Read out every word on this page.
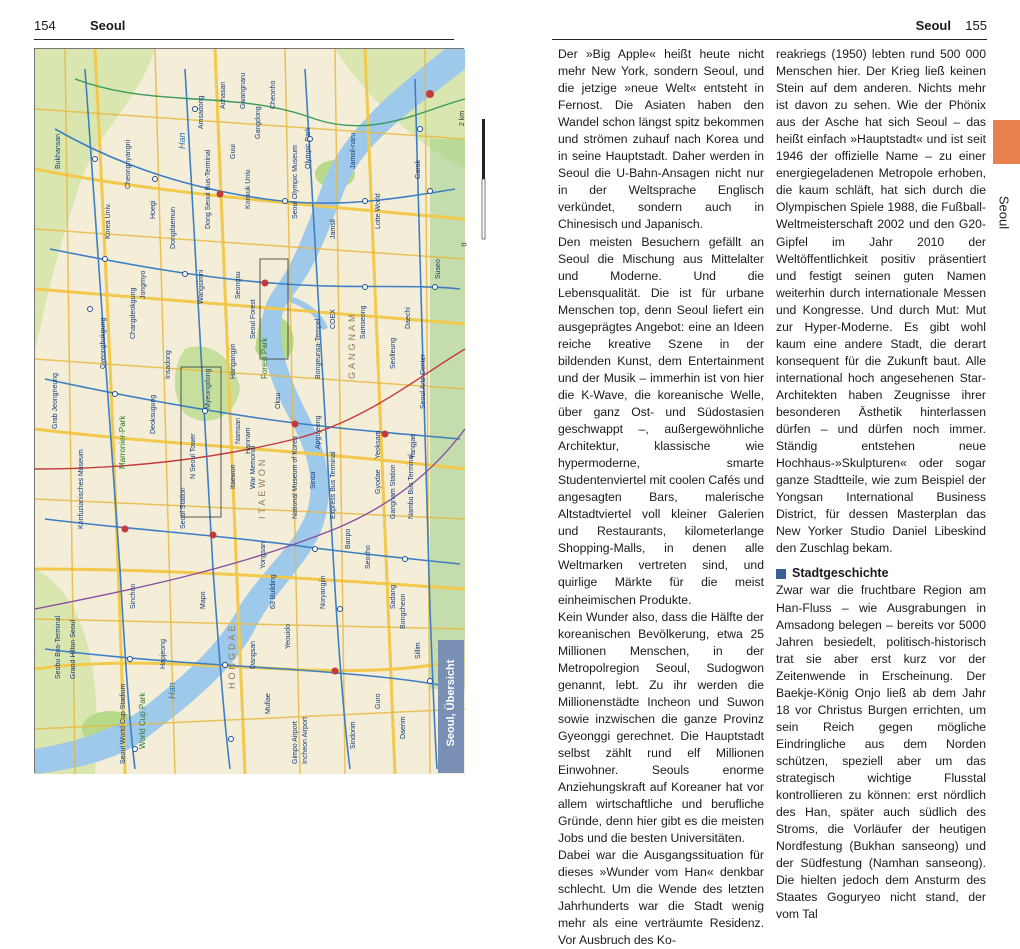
154	Seoul
Han
Han
ITAEWON
GANGNAM
HONGDAE
Forest Park
World Cup Park
Marronier-Park
Amsadong	Gangdong
Olympic Park
Dong Seoul Bus-Terminal	Seoul Olympic Museum
Jamsil
Lotte World
COEX
Bongeunsa-Tempel
Seoul Arts Center
Namsan
N Seoul Tower
Deoksugung
Gyeongbokgung
Changdeokgung
Jongmyo
Dongdaemun
Insadong
Myeongdong
Seoul Station
Yeouido
63 Building	Noryangjin
Gimpo Airport Incheon Airport
Seoul World Cup Stadium
Mapo
Sinchon
Yongsan
National Museum of Korea
War Memorial
Konfuzianisches Museum
Grab Jeongneung
Bukhansan
Sadang
Gangnam Station
Yeoksam
Samseong
Seolleung
Suseo
Garak
Jamsil-naru
Cheonho
Gwangnaru
Achasan
Guui
Konkuk Univ.
Seongsu
Wangsimni
Hoegi
Cheongnyangni
Korea Univ.
Seoul Forest
Itaewon
Hannam
Oksu
Apgujeong
Sinsa Express Bus Terminal
Banpo
Seocho
Gyodae	Nambu Bus Terminal
Yangjae
Daechi
Hangangjin
Hapjeong	Dangsan
Mullae
Sindorim
Guro
Daerim
Sillim
Bongcheon
Seobu Bus-Terminal Grand Hilton Seoul
0
2 km
Seoul, Übersicht
Seoul 155
Seoul

Der »Big Apple« heißt heute nicht mehr New York, sondern Seoul, und die jetzige »neue Welt« entsteht in Fernost. Die Asiaten haben den Wandel schon längst spitz bekommen und strömen zuhauf nach Korea und in seine Hauptstadt. Daher werden in Seoul die U-Bahn-Ansagen nicht nur in der Weltsprache Englisch verkündet, sondern auch in Chinesisch und Japanisch.

Den meisten Besuchern gefällt an Seoul die Mischung aus Mittelalter und Moderne. Und die Lebensqualität. Die ist für urbane Menschen top, denn Seoul liefert ein ausgeprägtes Angebot: eine an Ideen reiche kreative Szene in der bildenden Kunst, dem Entertainment und der Musik – immerhin ist von hier die K-Wave, die koreanische Welle, über ganz Ost- und Südostasien geschwappt –, außergewöhnliche Architektur, klassische wie hypermoderne, smarte Studentenviertel mit coolen Cafés und angesagten Bars, malerische Altstadtviertel voll kleiner Galerien und Restaurants, kilometerlange Shopping-Malls, in denen alle Weltmarken vertreten sind, und quirlige Märkte für die meist einheimischen Produkte.

Kein Wunder also, dass die Hälfte der koreanischen Bevölkerung, etwa 25 Millionen Menschen, in der Metropolregion Seoul, Sudogwon genannt, lebt. Zu ihr werden die Millionenstädte Incheon und Suwon sowie inzwischen die ganze Provinz Gyeonggi gerechnet. Die Hauptstadt selbst zählt rund elf Millionen Einwohner. Seouls enorme Anziehungskraft auf Koreaner hat vor allem wirtschaftliche und berufliche Gründe, denn hier gibt es die meisten Jobs und die besten Universitäten.

Dabei war die Ausgangssituation für dieses »Wunder vom Han« denkbar schlecht. Um die Wende des letzten Jahrhunderts war die Stadt wenig mehr als eine verträumte Residenz. Vor Ausbruch des Ko-

reakriegs (1950) lebten rund 500 000 Menschen hier. Der Krieg ließ keinen Stein auf dem anderen. Nichts mehr ist davon zu sehen. Wie der Phönix aus der Asche hat sich Seoul – das heißt einfach »Hauptstadt« und ist seit 1946 der offizielle Name – zu einer energiegeladenen Metropole erhoben, die kaum schläft, hat sich durch die Olympischen Spiele 1988, die Fußball-Weltmeisterschaft 2002 und den G20-Gipfel im Jahr 2010 der Weltöffentlichkeit positiv präsentiert und festigt seinen guten Namen weiterhin durch internationale Messen und Kongresse. Und durch Mut: Mut zur Hyper-Moderne. Es gibt wohl kaum eine andere Stadt, die derart konsequent für die Zukunft baut. Alle international hoch angesehenen Star-Architekten haben Zeugnisse ihrer besonderen Ästhetik hinterlassen dürfen – und dürfen noch immer. Ständig entstehen neue Hochhaus-»Skulpturen« oder sogar ganze Stadtteile, wie zum Beispiel der Yongsan International Business District, für dessen Masterplan das New Yorker Studio Daniel Libeskind den Zuschlag bekam.

Stadtgeschichte

Zwar war die fruchtbare Region am Han-Fluss – wie Ausgrabungen in Amsadong belegen – bereits vor 5000 Jahren besiedelt, politisch-historisch trat sie aber erst kurz vor der Zeitenwende in Erscheinung. Der Baekje-König Onjo ließ ab dem Jahr 18 vor Christus Burgen errichten, um sein Reich gegen mögliche Eindringliche aus dem Norden schützen, speziell aber um das strategisch wichtige Flusstal kontrollieren zu können: erst nördlich des Han, später auch südlich des Stroms, die Vorläufer der heutigen Nordfestung (Bukhan sanseong) und der Südfestung (Namhan sanseong). Die hielten jedoch dem Ansturm des Staates Goguryeo nicht stand, der vom Tal
